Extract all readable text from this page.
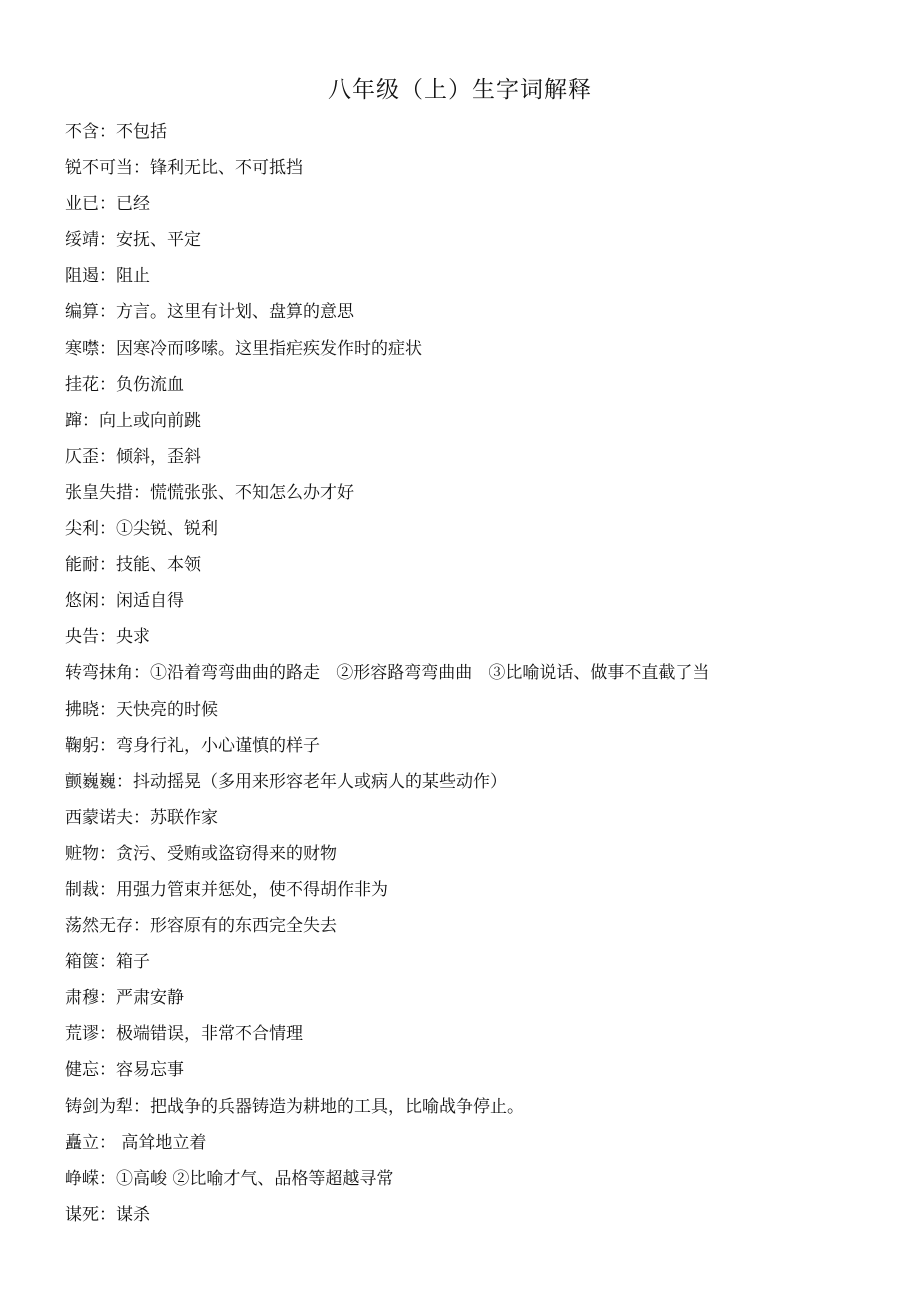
八年级（上）生字词解释
不含：不包括
锐不可当：锋利无比、不可抵挡
业已：已经
绥靖：安抚、平定
阻遏：阻止
编算：方言。这里有计划、盘算的意思
寒噤：因寒冷而哆嗦。这里指疟疾发作时的症状
挂花：负伤流血
蹿：向上或向前跳
仄歪：倾斜，歪斜
张皇失措：慌慌张张、不知怎么办才好
尖利：①尖锐、锐利
能耐：技能、本领
悠闲：闲适自得
央告：央求
转弯抹角：①沿着弯弯曲曲的路走   ②形容路弯弯曲曲   ③比喻说话、做事不直截了当
拂晓：天快亮的时候
鞠躬：弯身行礼，小心谨慎的样子
颤巍巍：抖动摇晃（多用来形容老年人或病人的某些动作）
西蒙诺夫：苏联作家
赃物：贪污、受贿或盗窃得来的财物
制裁：用强力管束并惩处，使不得胡作非为
荡然无存：形容原有的东西完全失去
箱箧：箱子
肃穆：严肃安静
荒谬：极端错误，非常不合情理
健忘：容易忘事
铸剑为犁：把战争的兵器铸造为耕地的工具，比喻战争停止。
矗立： 高耸地立着
峥嵘：①高峻 ②比喻才气、品格等超越寻常
谋死：谋杀
